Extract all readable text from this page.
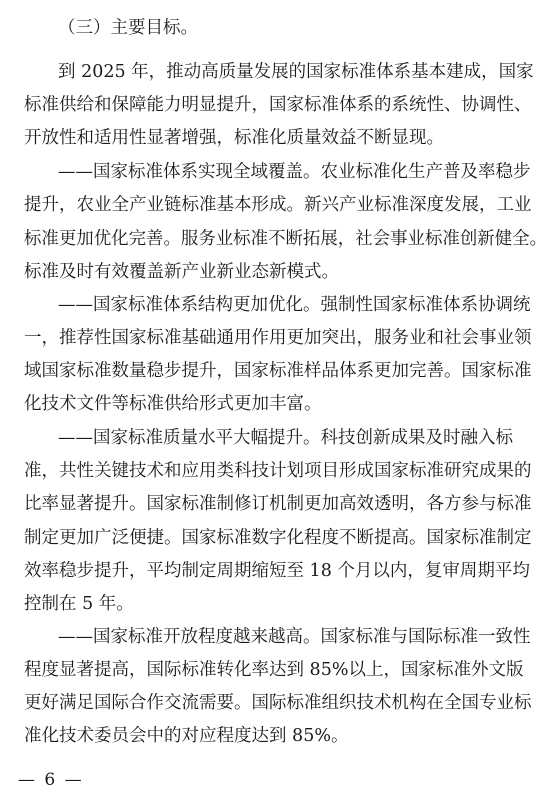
（三）主要目标。
到 2025 年，推动高质量发展的国家标准体系基本建成，国家
标准供给和保障能力明显提升，国家标准体系的系统性、协调性、
开放性和适用性显著增强，标准化质量效益不断显现。
——国家标准体系实现全域覆盖。农业标准化生产普及率稳步
提升，农业全产业链标准基本形成。新兴产业标准深度发展，工业
标准更加优化完善。服务业标准不断拓展，社会事业标准创新健全。
标准及时有效覆盖新产业新业态新模式。
——国家标准体系结构更加优化。强制性国家标准体系协调统
一，推荐性国家标准基础通用作用更加突出，服务业和社会事业领
域国家标准数量稳步提升，国家标准样品体系更加完善。国家标准
化技术文件等标准供给形式更加丰富。
——国家标准质量水平大幅提升。科技创新成果及时融入标
准，共性关键技术和应用类科技计划项目形成国家标准研究成果的
比率显著提升。国家标准制修订机制更加高效透明，各方参与标准
制定更加广泛便捷。国家标准数字化程度不断提高。国家标准制定
效率稳步提升，平均制定周期缩短至 18 个月以内，复审周期平均
控制在 5 年。
——国家标准开放程度越来越高。国家标准与国际标准一致性
程度显著提高，国际标准转化率达到 85%以上，国家标准外文版
更好满足国际合作交流需要。国际标准组织技术机构在全国专业标
准化技术委员会中的对应程度达到 85%。
— 6 —
